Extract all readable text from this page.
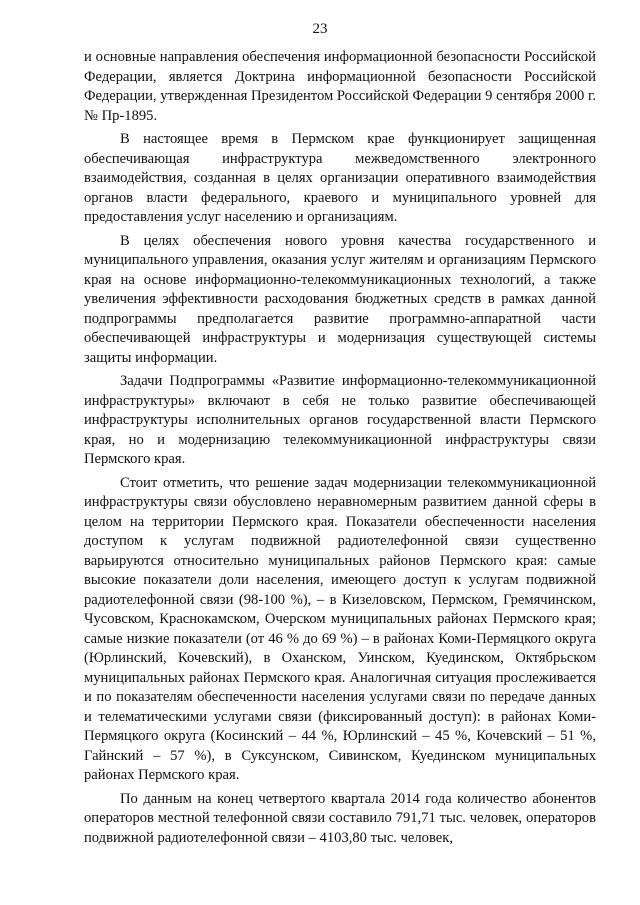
23

и основные направления обеспечения информационной безопасности Российской Федерации, является Доктрина информационной безопасности Российской Федерации, утвержденная Президентом Российской Федерации 9 сентября 2000 г. № Пр-1895.

В настоящее время в Пермском крае функционирует защищенная обеспечивающая инфраструктура межведомственного электронного взаимодействия, созданная в целях организации оперативного взаимодействия органов власти федерального, краевого и муниципального уровней для предоставления услуг населению и организациям.

В целях обеспечения нового уровня качества государственного и муниципального управления, оказания услуг жителям и организациям Пермского края на основе информационно-телекоммуникационных технологий, а также увеличения эффективности расходования бюджетных средств в рамках данной подпрограммы предполагается развитие программно-аппаратной части обеспечивающей инфраструктуры и модернизация существующей системы защиты информации.

Задачи Подпрограммы «Развитие информационно-телекоммуникационной инфраструктуры» включают в себя не только развитие обеспечивающей инфраструктуры исполнительных органов государственной власти Пермского края, но и модернизацию телекоммуникационной инфраструктуры связи Пермского края.

Стоит отметить, что решение задач модернизации телекоммуникационной инфраструктуры связи обусловлено неравномерным развитием данной сферы в целом на территории Пермского края. Показатели обеспеченности населения доступом к услугам подвижной радиотелефонной связи существенно варьируются относительно муниципальных районов Пермского края: самые высокие показатели доли населения, имеющего доступ к услугам подвижной радиотелефонной связи (98-100 %), – в Кизеловском, Пермском, Гремячинском, Чусовском, Краснокамском, Очерском муниципальных районах Пермского края; самые низкие показатели (от 46 % до 69 %) – в районах Коми-Пермяцкого округа (Юрлинский, Кочевский), в Оханском, Уинском, Куединском, Октябрьском муниципальных районах Пермского края. Аналогичная ситуация прослеживается и по показателям обеспеченности населения услугами связи по передаче данных и телематическими услугами связи (фиксированный доступ): в районах Коми-Пермяцкого округа (Косинский – 44 %, Юрлинский – 45 %, Кочевский – 51 %, Гайнский – 57 %), в Суксунском, Сивинском, Куединском муниципальных районах Пермского края.

По данным на конец четвертого квартала 2014 года количество абонентов операторов местной телефонной связи составило 791,71 тыс. человек, операторов подвижной радиотелефонной связи – 4103,80 тыс. человек,
